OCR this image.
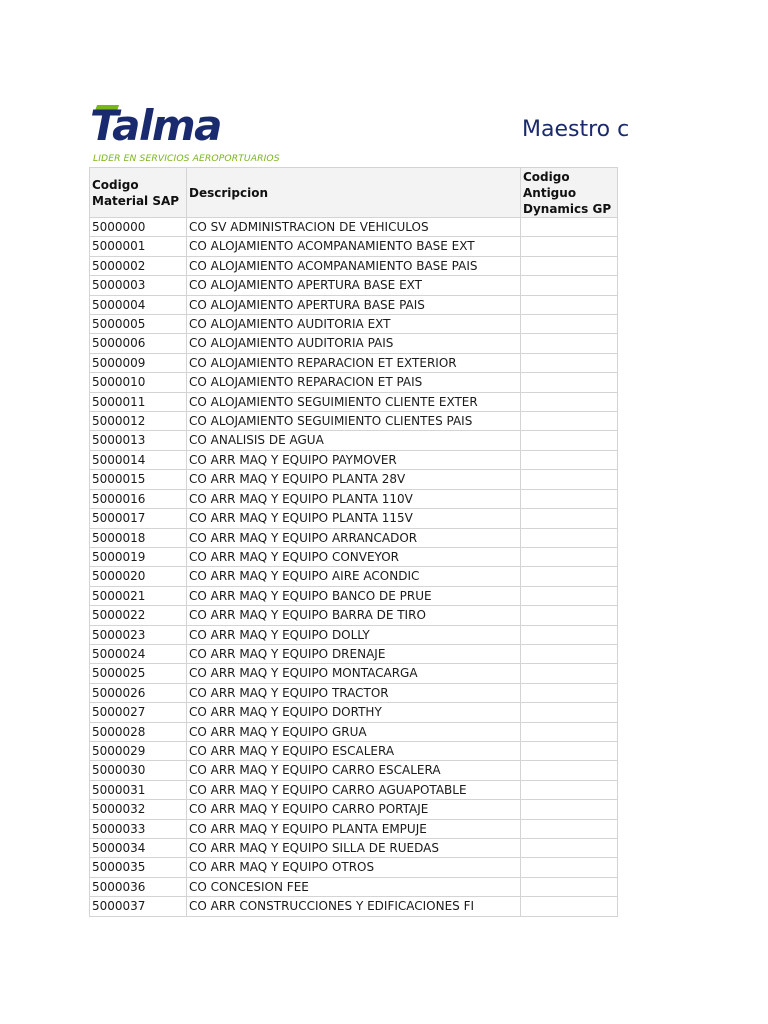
Talma
LIDER EN SERVICIOS AEROPORTUARIOS
Maestro c
Codigo Material SAP	Descripcion	Codigo Antiguo Dynamics GP
5000000	CO SV ADMINISTRACION DE VEHICULOS	
5000001	CO ALOJAMIENTO ACOMPANAMIENTO BASE EXT	
5000002	CO ALOJAMIENTO ACOMPANAMIENTO BASE PAIS	
5000003	CO ALOJAMIENTO APERTURA BASE EXT	
5000004	CO ALOJAMIENTO APERTURA BASE PAIS	
5000005	CO ALOJAMIENTO AUDITORIA EXT	
5000006	CO ALOJAMIENTO AUDITORIA PAIS	
5000009	CO ALOJAMIENTO REPARACION ET EXTERIOR	
5000010	CO ALOJAMIENTO REPARACION ET PAIS	
5000011	CO ALOJAMIENTO SEGUIMIENTO CLIENTE EXTER	
5000012	CO ALOJAMIENTO SEGUIMIENTO CLIENTES PAIS	
5000013	CO ANALISIS DE AGUA	
5000014	CO ARR MAQ Y EQUIPO PAYMOVER	
5000015	CO ARR MAQ Y EQUIPO PLANTA 28V	
5000016	CO ARR MAQ Y EQUIPO PLANTA 110V	
5000017	CO ARR MAQ Y EQUIPO PLANTA 115V	
5000018	CO ARR MAQ Y EQUIPO ARRANCADOR	
5000019	CO ARR MAQ Y EQUIPO CONVEYOR	
5000020	CO ARR MAQ Y EQUIPO AIRE ACONDIC	
5000021	CO ARR MAQ Y EQUIPO BANCO DE PRUE	
5000022	CO ARR MAQ Y EQUIPO BARRA DE TIRO	
5000023	CO ARR MAQ Y EQUIPO DOLLY	
5000024	CO ARR MAQ Y EQUIPO DRENAJE	
5000025	CO ARR MAQ Y EQUIPO MONTACARGA	
5000026	CO ARR MAQ Y EQUIPO TRACTOR	
5000027	CO ARR MAQ Y EQUIPO DORTHY	
5000028	CO ARR MAQ Y EQUIPO GRUA	
5000029	CO ARR MAQ Y EQUIPO ESCALERA	
5000030	CO ARR MAQ Y EQUIPO CARRO ESCALERA	
5000031	CO ARR MAQ Y EQUIPO CARRO AGUAPOTABLE	
5000032	CO ARR MAQ Y EQUIPO CARRO PORTAJE	
5000033	CO ARR MAQ Y EQUIPO PLANTA EMPUJE	
5000034	CO ARR MAQ Y EQUIPO SILLA DE RUEDAS	
5000035	CO ARR MAQ Y EQUIPO OTROS	
5000036	CO CONCESION FEE	
5000037	CO ARR CONSTRUCCIONES Y EDIFICACIONES FI	
